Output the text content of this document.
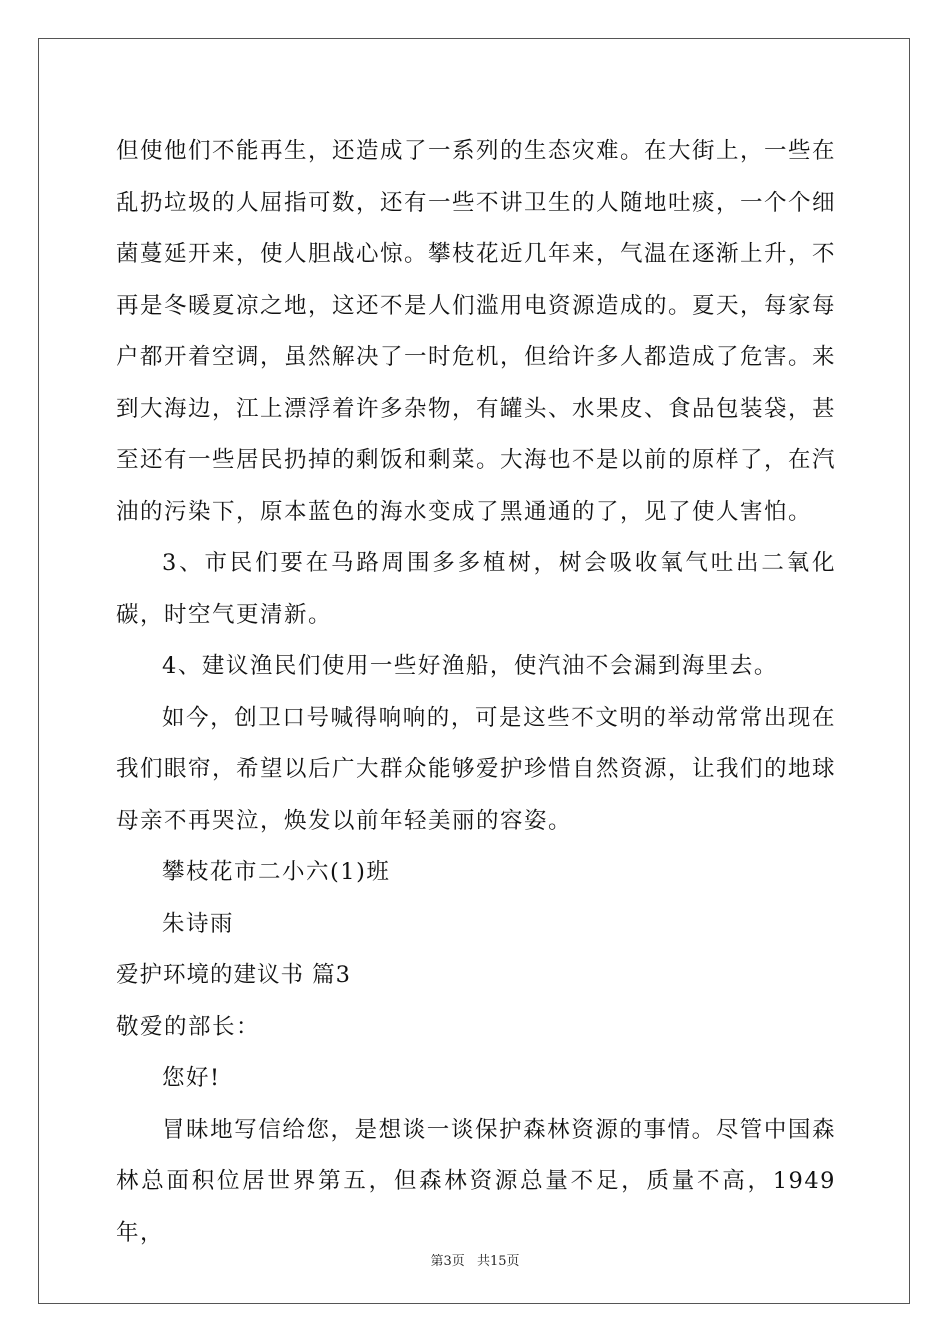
但使他们不能再生，还造成了一系列的生态灾难。在大街上，一些在乱扔垃圾的人屈指可数，还有一些不讲卫生的人随地吐痰，一个个细菌蔓延开来，使人胆战心惊。攀枝花近几年来，气温在逐渐上升，不再是冬暖夏凉之地，这还不是人们滥用电资源造成的。夏天，每家每户都开着空调，虽然解决了一时危机，但给许多人都造成了危害。来到大海边，江上漂浮着许多杂物，有罐头、水果皮、食品包装袋，甚至还有一些居民扔掉的剩饭和剩菜。大海也不是以前的原样了，在汽油的污染下，原本蓝色的海水变成了黑通通的了，见了使人害怕。

3、市民们要在马路周围多多植树，树会吸收氧气吐出二氧化碳，时空气更清新。

4、建议渔民们使用一些好渔船，使汽油不会漏到海里去。

如今，创卫口号喊得响响的，可是这些不文明的举动常常出现在我们眼帘，希望以后广大群众能够爱护珍惜自然资源，让我们的地球母亲不再哭泣，焕发以前年轻美丽的容姿。

攀枝花市二小六(1)班

朱诗雨

爱护环境的建议书 篇3

敬爱的部长：

您好!

冒昧地写信给您，是想谈一谈保护森林资源的事情。尽管中国森林总面积位居世界第五，但森林资源总量不足，质量不高，1949年，

第3页 共15页
